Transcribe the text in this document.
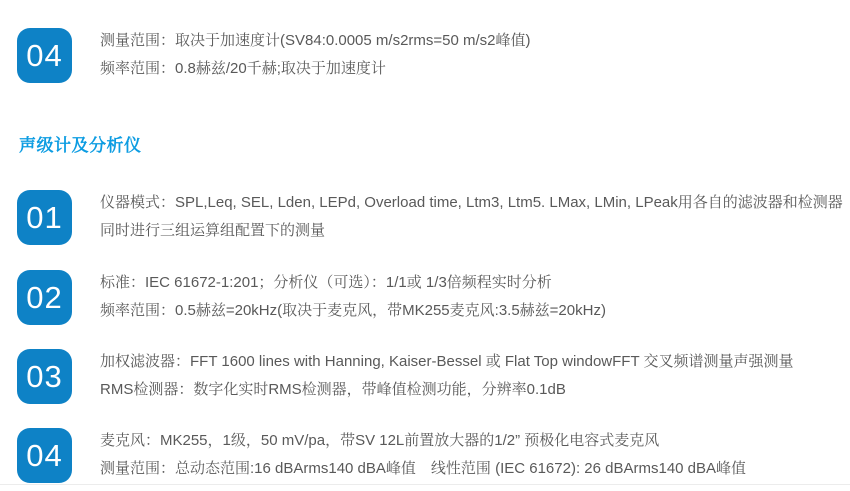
04	测量范围：取决于加速度计(SV84:0.0005 m/s2rms=50 m/s2峰值)
频率范围：0.8赫兹/20千赫;取决于加速度计
声级计及分析仪
01	仪器模式：SPL,Leq, SEL, Lden, LEPd, Overload time, Ltm3, Ltm5. LMax, LMin, LPeak用各自的滤波器和检测器
同时进行三组运算组配置下的测量
02	标准：IEC 61672-1:201；分析仪（可选）：1/1或 1/3倍频程实时分析
频率范围：0.5赫兹=20kHz(取决于麦克风，带MK255麦克风:3.5赫兹=20kHz)
03	加权滤波器：FFT 1600 lines with Hanning, Kaiser-Bessel 或 Flat Top windowFFT 交叉频谱测量声强测量
RMS检测器：数字化实时RMS检测器，带峰值检测功能，分辨率0.1dB
04	麦克风：MK255，1级，50 mV/pa，带SV 12L前置放大器的1/2” 预极化电容式麦克风
测量范围：总动态范围:16 dBArms140 dBA峰值　线性范围 (IEC 61672): 26 dBArms140 dBA峰值
